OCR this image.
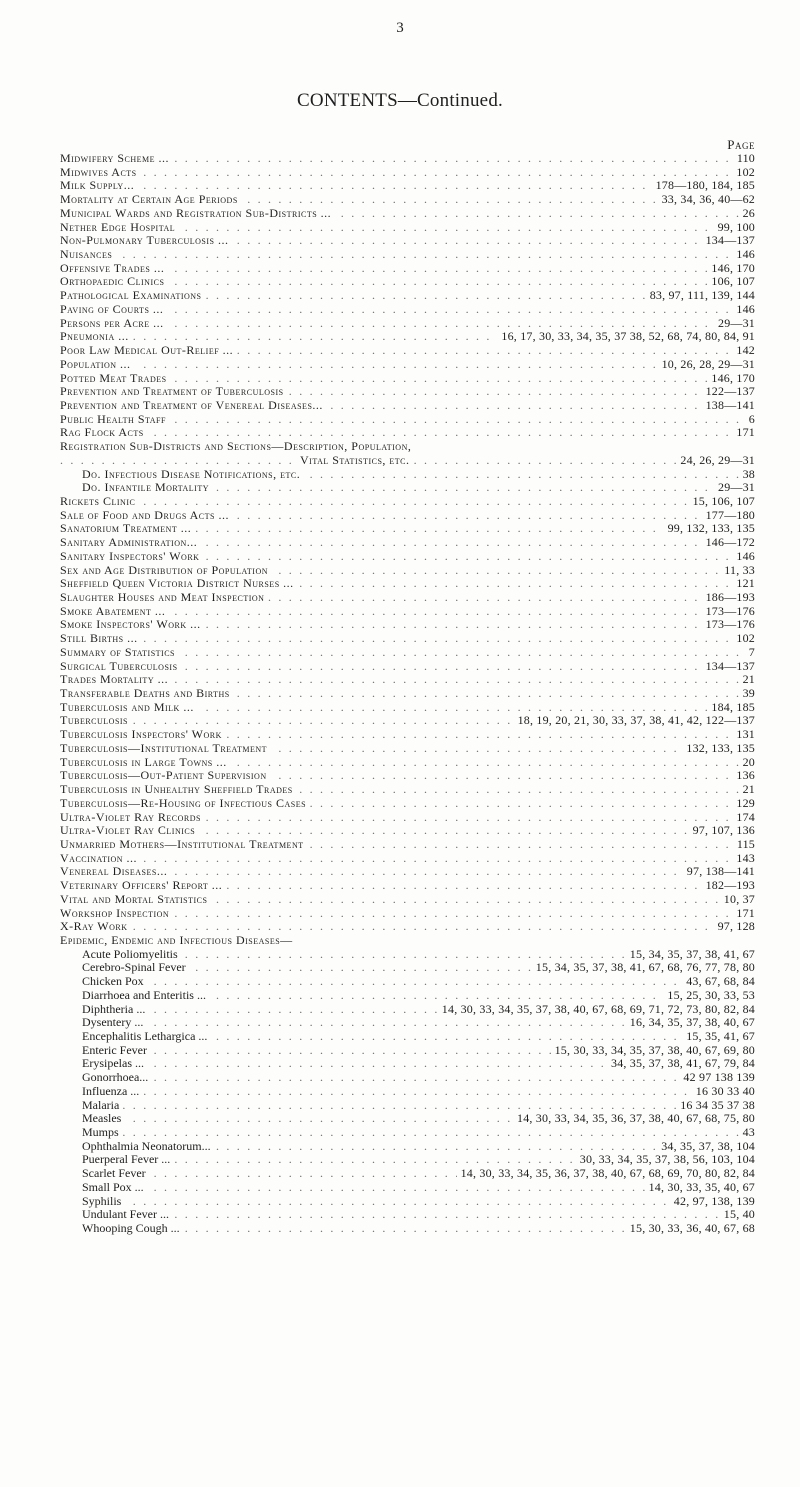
3
CONTENTS—Continued.
Page
. . . Midwifery Scheme ...	110
. . . Midwives Acts	102
. . . Milk Supply...	178—180, 184, 185
. . . Mortality at Certain Age Periods	33, 34, 36, 40—62
. . . Municipal Wards and Registration Sub-Districts ...	26
. . . Nether Edge Hospital	99, 100
. . . Non-Pulmonary Tuberculosis ...	134—137
. . . Nuisances	146
. . . Offensive Trades ...	146, 170
. . . Orthopaedic Clinics	106, 107
. . . Pathological Examinations	83, 97, 111, 139, 144
. . . Paving of Courts ...	146
. . . Persons per Acre ...	29—31
. . . Pneumonia ...	16, 17, 30, 33, 34, 35, 37 38, 52, 68, 74, 80, 84, 91
. . . Poor Law Medical Out-Relief ...	142
. . . Population ...	10, 26, 28, 29—31
. . . Potted Meat Trades	146, 170
. . . Prevention and Treatment of Tuberculosis	122—137
. . . Prevention and Treatment of Venereal Diseases...	138—141
. . . Public Health Staff	6
. . . Rag Flock Acts	171
Registration Sub-Districts and Sections—Description, Population,
. . . Vital Statistics, etc.	24, 26, 29—31
. . . Do. Infectious Disease Notifications, etc.	38
. . . Do. Infantile Mortality	29—31
. . . Rickets Clinic	15, 106, 107
. . . Sale of Food and Drugs Acts ...	177—180
. . . Sanatorium Treatment ...	99, 132, 133, 135
. . . Sanitary Administration...	146—172
. . . Sanitary Inspectors' Work	146
. . . Sex and Age Distribution of Population	11, 33
. . . Sheffield Queen Victoria District Nurses ...	121
. . . Slaughter Houses and Meat Inspection	186—193
. . . Smoke Abatement ...	173—176
. . . Smoke Inspectors' Work ...	173—176
. . . Still Births ...	102
. . . Summary of Statistics	7
. . . Surgical Tuberculosis	134—137
. . . Trades Mortality ...	21
. . . Transferable Deaths and Births	39
. . . Tuberculosis and Milk ...	184, 185
. . . Tuberculosis	18, 19, 20, 21, 30, 33, 37, 38, 41, 42, 122—137
. . . Tuberculosis Inspectors' Work	131
. . . Tuberculosis—Institutional Treatment	132, 133, 135
. . . Tuberculosis in Large Towns ...	20
. . . Tuberculosis—Out-Patient Supervision	136
. . . Tuberculosis in Unhealthy Sheffield Trades	21
. . . Tuberculosis—Re-Housing of Infectious Cases	129
. . . Ultra-Violet Ray Records	174
. . . Ultra-Violet Ray Clinics	97, 107, 136
. . . Unmarried Mothers—Institutional Treatment	115
. . . Vaccination ...	143
. . . Venereal Diseases...	97, 138—141
. . . Veterinary Officers' Report ...	182—193
. . . Vital and Mortal Statistics	10, 37
. . . Workshop Inspection	171
. . . X-Ray Work	97, 128
Epidemic, Endemic and Infectious Diseases—
. . . Acute Poliomyelitis	15, 34, 35, 37, 38, 41, 67
. . . Cerebro-Spinal Fever	15, 34, 35, 37, 38, 41, 67, 68, 76, 77, 78, 80
. . . Chicken Pox	43, 67, 68, 84
. . . Diarrhoea and Enteritis ...	15, 25, 30, 33, 53
. . . Diphtheria ...	14, 30, 33, 34, 35, 37, 38, 40, 67, 68, 69, 71, 72, 73, 80, 82, 84
. . . Dysentery ...	16, 34, 35, 37, 38, 40, 67
. . . Encephalitis Lethargica ...	15, 35, 41, 67
. . . Enteric Fever	15, 30, 33, 34, 35, 37, 38, 40, 67, 69, 80
. . . Erysipelas ...	34, 35, 37, 38, 41, 67, 79, 84
. . . Gonorrhoea...	42 97 138 139
. . . Influenza ...	16 30 33 40
. . . Malaria	16 34 35 37 38
. . . Measles	14, 30, 33, 34, 35, 36, 37, 38, 40, 67, 68, 75, 80
. . . Mumps	43
. . . Ophthalmia Neonatorum...	34, 35, 37, 38, 104
. . . Puerperal Fever ...	30, 33, 34, 35, 37, 38, 56, 103, 104
. . . Scarlet Fever	14, 30, 33, 34, 35, 36, 37, 38, 40, 67, 68, 69, 70, 80, 82, 84
. . . Small Pox ...	14, 30, 33, 35, 40, 67
. . . Syphilis	42, 97, 138, 139
. . . Undulant Fever ...	15, 40
. . . Whooping Cough ...	15, 30, 33, 36, 40, 67, 68
